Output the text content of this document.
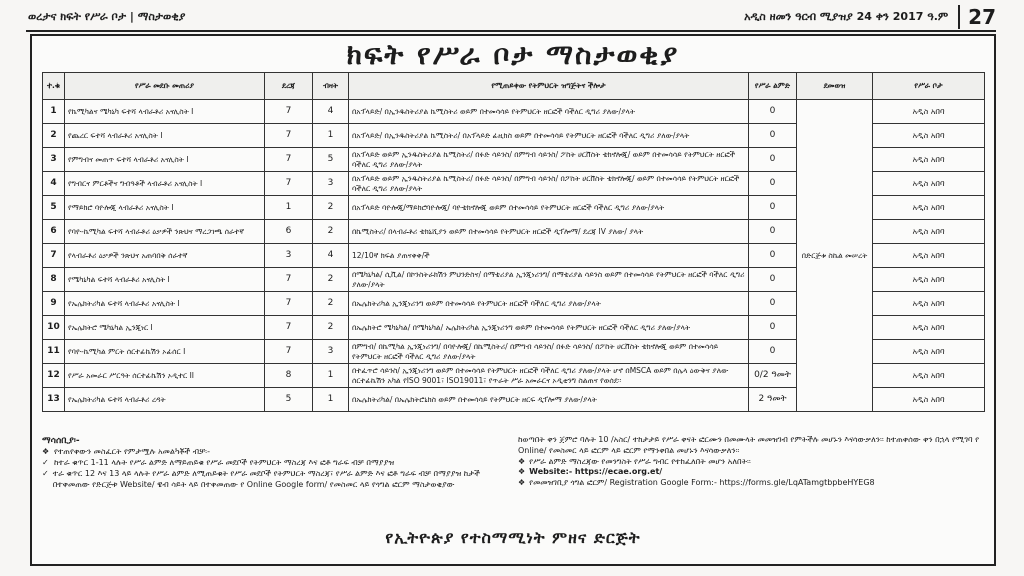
ወረታና ክፍት የሥራ ቦታ | ማስታወቂያ	አዲስ ዘመን ዓርብ ሚያዝያ 24 ቀን 2017 ዓ.ም	27
ክፍት የሥራ ቦታ ማስታወቂያ
ተ.ቁ	የሥራ መደቡ መጠሪያ	ደረጃ	ብዛት	የሚጠይቀው የትምህርት ዝግጅትና ችሎታ	የሥራ ልምድ	ደመወዝ	የሥራ ቦታ
1	የኬሚካልና ሜካኒካ ፍተሻ ላብራቶሪ አናሊስት I	7	4	በአፕላይድ/ በኢንዱስትሪያል ኬሚስትሪ ወይም በተመሳሳይ የትምህርት ዘርፎች ባችለር ዲግሪ ያለው/ያላት	0	በድርጅቱ ስኬል መሠረት	አዲስ አበባ
2	የጨረር ፍተሻ ላብራቶሪ አናሊስት I	7	1	በአፕላይድ/ በኢንዱስትሪያል ኬሚስትሪ/ በአፕላይድ ፊዚክስ ወይም በተመሳሳይ የትምህርት ዘርፎች ባችለር ዲግሪ ያለው/ያላት	0		አዲስ አበባ
3	የምግብና መጠጥ ፍተሻ ላብራቶሪ አናሊስት I	7	5	በአፕላይድ ወይም ኢንዱስትሪያል ኬሚስትሪ/ በፉድ ሳይንስ/ በምግብ ሳይንስ/ ፖስት ሀርቨስት ቴክኖሎጂ/ ወይም በተመሳሳይ የትምህርት ዘርፎች ባችለር ዲግሪ ያለው/ያላት	0		አዲስ አበባ
4	የግብርና ምርቶችና ግብዓቶች ላብራቶሪ አናሊስት I	7	3	በአፕላይድ ወይም ኢንዱስትሪያል ኬሚስትሪ/ በፉድ ሳይንስ/ በምግብ ሳይንስ/ በፖስት ሀርቨስት ቴክኖሎጂ/ ወይም በተመሳሳይ የትምህርት ዘርፎች ባችለር ዲግሪ ያለው/ያላት	0		አዲስ አበባ
5	የማይክሮ ባዮሎጂ ላብራቶሪ አናሊስት I	1	2	በአፕላይድ ባዮሎጂ/ማይክሮባዮሎጂ/ ባዮቴክኖሎጂ ወይም በተመሳሳይ የትምህርት ዘርፎች ባችለር ዲግሪ ያለው/ያላት	0		አዲስ አበባ
6	የባዮ-ኬሚካል ፍተሻ ላብራቶሪ ዕቃዎች ንጽህና ማረጋገጫ ሰራተኛ	6	2	በኬሚስትሪ/ በላብራቶሪ ቴክኒሺያን ወይም በተመሳሳይ የትምህርት ዘርፎች ዲፕሎማ/ ደረጃ IV ያለው/ ያላት	0		አዲስ አበባ
7	የላብራቶሪ ዕቃዎች ንጽህና አጠባበቅ ሰራተኛ	3	4	12/10ኛ ክፍል ያጠናቀቀ/ች	0		አዲስ አበባ
8	የሜካኒካል ፍተሻ ላብራቶሪ አናሊስት I	7	2	በሜካኒካል/ ሲቪል/ በኮንስትራክሽን ምህንድስና/ በማቴሪያል ኢንጂነሪንግ/ በማቴሪያል ሳይንስ ወይም በተመሳሳይ የትምህርት ዘርፎች ባችለር ዲግሪ ያለው/ያላት	0		አዲስ አበባ
9	የኤሌክትሪካል ፍተሻ ላብራቶሪ አናሊስት I	7	2	በኤሌክትሪካል ኢንጂነሪንግ ወይም በተመሳሳይ የትምህርት ዘርፎች ባችለር ዲግሪ ያለው/ያላት	0		አዲስ አበባ
10	የኤሌክትሮ ሜካኒካል ኢንጂነር I	7	2	በኤሌክትሮ ሜካኒካል/ በሜካኒካል/ ኤሌክትሪካል ኢንጂነሪንግ ወይም በተመሳሳይ የትምህርት ዘርፎች ባችለር ዲግሪ ያለው/ያላት	0		አዲስ አበባ
11	የባዮ-ኬሚካል ምርት ሰርተፊኬሽን ኦፊሰር I	7	3	በምግብ/ በኬሚካል ኢንጂነሪንግ/ በባዮሎጂ/ በኬሚስትሪ/ በምግብ ሳይንስ/ በፉድ ሳይንስ/ በፖስት ሀርቨስት ቴክኖሎጂ ወይም በተመሳሳይ የትምህርት ዘርፎች ባችለር ዲግሪ ያለው/ያላት	0		አዲስ አበባ
12	የሥራ አመራር ሥርዓት ሰርተፊኬሽን ኦዲተር II	8	1	በተፈጥሮ ሳይንስ/ ኢንጂነሪንግ ወይም በተመሳሳይ የትምህርት ዘርፎች ባችለር ዲግሪ ያለው/ያላት ሆኖ በMSCA ወይም በሌላ ዕውቅና ያለው ሰርተፊኬሽን አካል የISO 9001፣ ISO19011፣ የጥራት ሥራ አመራርና ኦዲቲንግ ስልጠና የወሰደ፡፡	0/2 ዓመት		አዲስ አበባ
13	የኤሌክትሪካል ፍተሻ ላብራቶሪ ረዳት	5	1	በኤሌክትሪካል/ በኤሌክትሮኒክስ ወይም በተመሳሳይ የትምህርት ዘርፍ ዲፕሎማ ያለው/ያላት	2 ዓመት		አዲስ አበባ
ማሳሰቢያ፡-
❖ የተጠየቀውን መስፈርት የምታሟሉ አመልካቾች ብቻ፡-
✓ ከተራ ቁጥር 1-11 ላሉት የሥራ ልምድ ለማይጠይቁ የሥራ መደቦች የትምህርት ማስረጃ እና ፎቶ ግራፍ ብቻ በማያያዝ
✓ ተራ ቁጥር 12 እና 13 ላይ ላሉት የሥራ ልምድ ለሚጠይቁት የሥራ መደቦች የትምህርት ማስረጃ፣ የሥራ ልምድ እና ፎቶ ግራፍ ብቻ በማያያዝ ከታች በተቀመጠው የድርጅቱ Website/ ዌብ ሳይት ላይ በተቀመጠው የ Online Google form/ የመስመር ላይ የጎግል ፎርም ማስታወቂያው
ከወጣበት ቀን ጀምሮ ባሉት 10 /አስር/ ተከታታይ የሥራ ቀናት ፎርሙን በመሙላት መመዝገብ የምትችሉ መሆኑን እናሳውቃለን፡፡ ከተጠቀሰው ቀን በኋላ የሚገባ የ Online/ የመስመር ላይ ፎርም ላይ ፎርም የማንቀበል መሆኑን እናሳውቃለን፡፡
❖ የሥራ ልምድ ማስረጃው የመንግስት የሥራ ግብር የተከፈለበት መሆን አለበት፡፡
❖ Website:- https://ecae.org.et/
❖ የመመዝገቢያ ጎግል ፎርም/ Registration Google Form:- https://forms.gle/LqATamgtbpbeHYEG8
የኢትዮጵያ የተስማሚነት ምዘና ድርጅት
